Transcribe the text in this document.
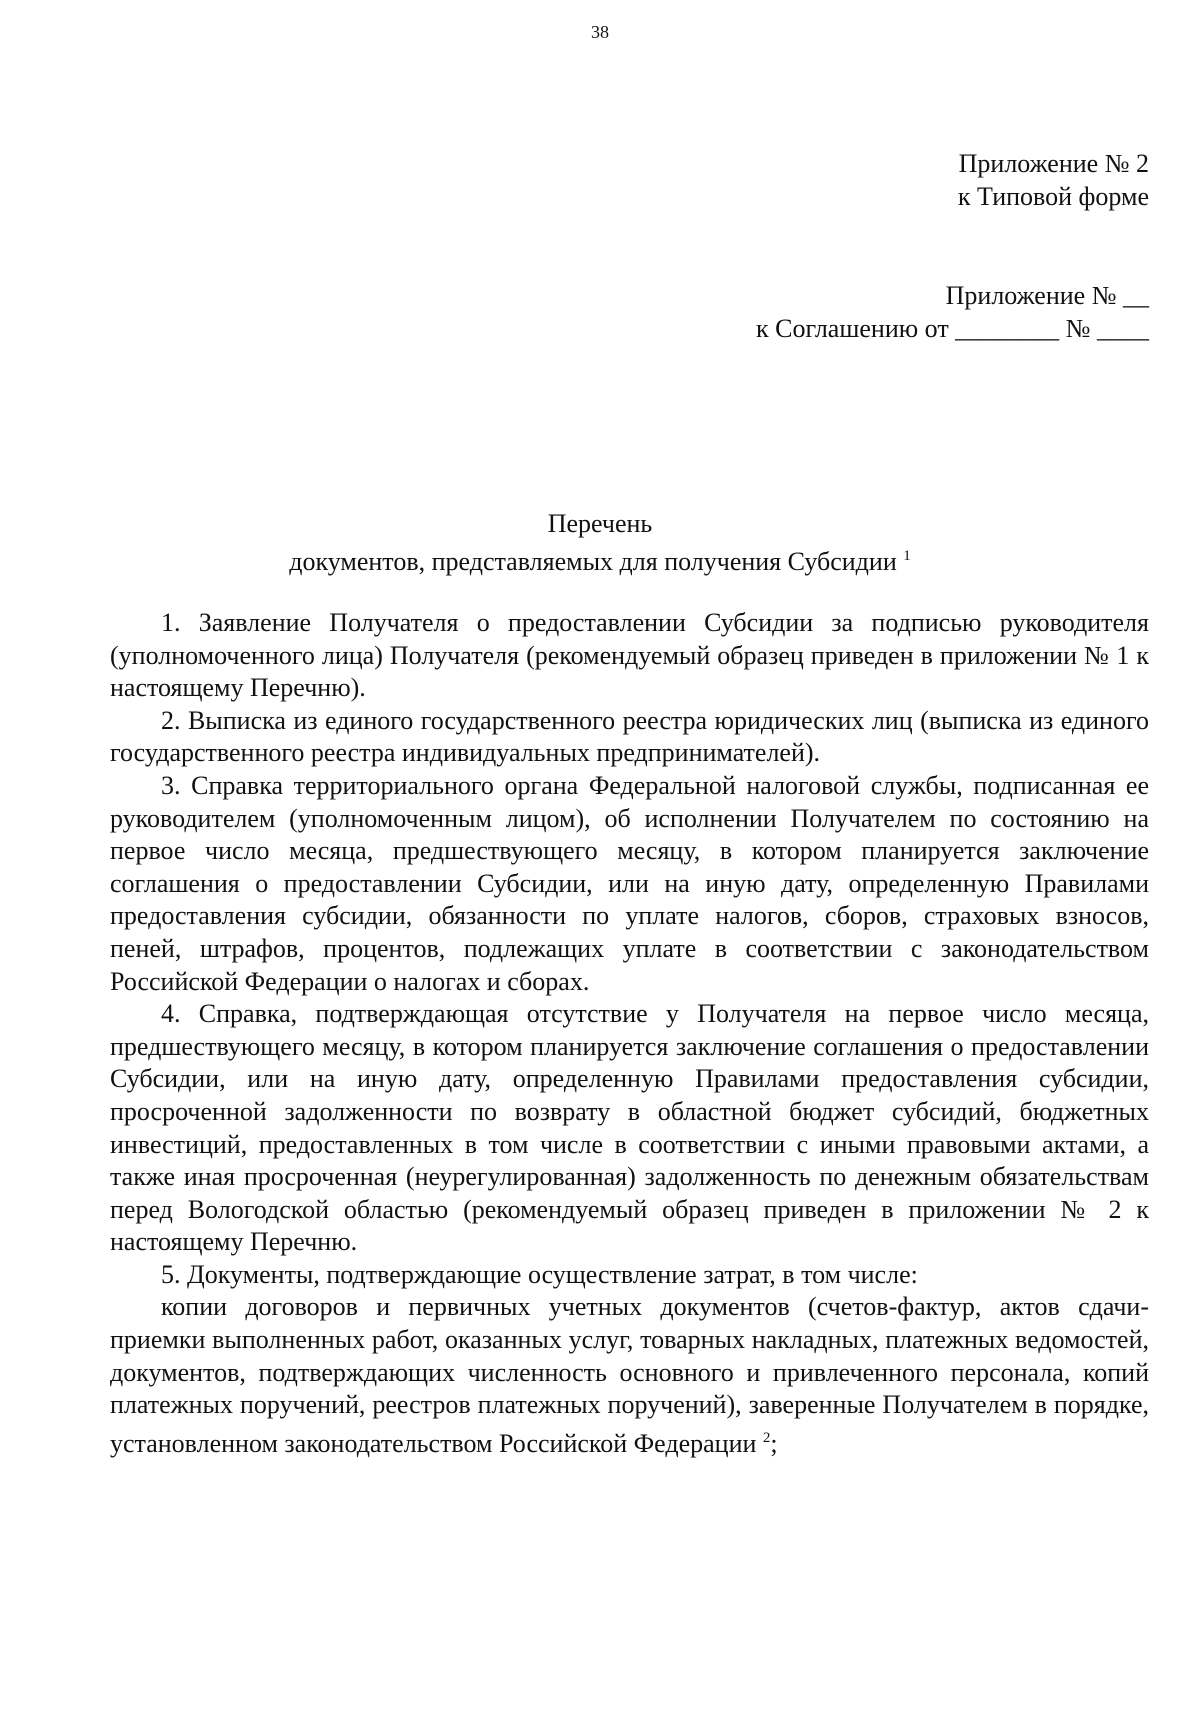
38
Приложение № 2
к Типовой форме
Приложение № __
к Соглашению от ________ № ____
Перечень
документов, представляемых для получения Субсидии $^1$

1. Заявление Получателя о предоставлении Субсидии за подписью руководителя (уполномоченного лица) Получателя (рекомендуемый образец приведен в приложении № 1 к настоящему Перечню).

2. Выписка из единого государственного реестра юридических лиц (выписка из единого государственного реестра индивидуальных предпринимателей).

3. Справка территориального органа Федеральной налоговой службы, подписанная ее руководителем (уполномоченным лицом), об исполнении Получателем по состоянию на первое число месяца, предшествующего месяцу, в котором планируется заключение соглашения о предоставлении Субсидии, или на иную дату, определенную Правилами предоставления субсидии, обязанности по уплате налогов, сборов, страховых взносов, пеней, штрафов, процентов, подлежащих уплате в соответствии с законодательством Российской Федерации о налогах и сборах.

4. Справка, подтверждающая отсутствие у Получателя на первое число месяца, предшествующего месяцу, в котором планируется заключение соглашения о предоставлении Субсидии, или на иную дату, определенную Правилами предоставления субсидии, просроченной задолженности по возврату в областной бюджет субсидий, бюджетных инвестиций, предоставленных в том числе в соответствии с иными правовыми актами, а также иная просроченная (неурегулированная) задолженность по денежным обязательствам перед Вологодской областью (рекомендуемый образец приведен в приложении № 2 к настоящему Перечню.

5. Документы, подтверждающие осуществление затрат, в том числе:

копии договоров и первичных учетных документов (счетов-фактур, актов сдачи-приемки выполненных работ, оказанных услуг, товарных накладных, платежных ведомостей, документов, подтверждающих численность основного и привлеченного персонала, копий платежных поручений, реестров платежных поручений), заверенные Получателем в порядке, установленном законодательством Российской Федерации $^2$;
